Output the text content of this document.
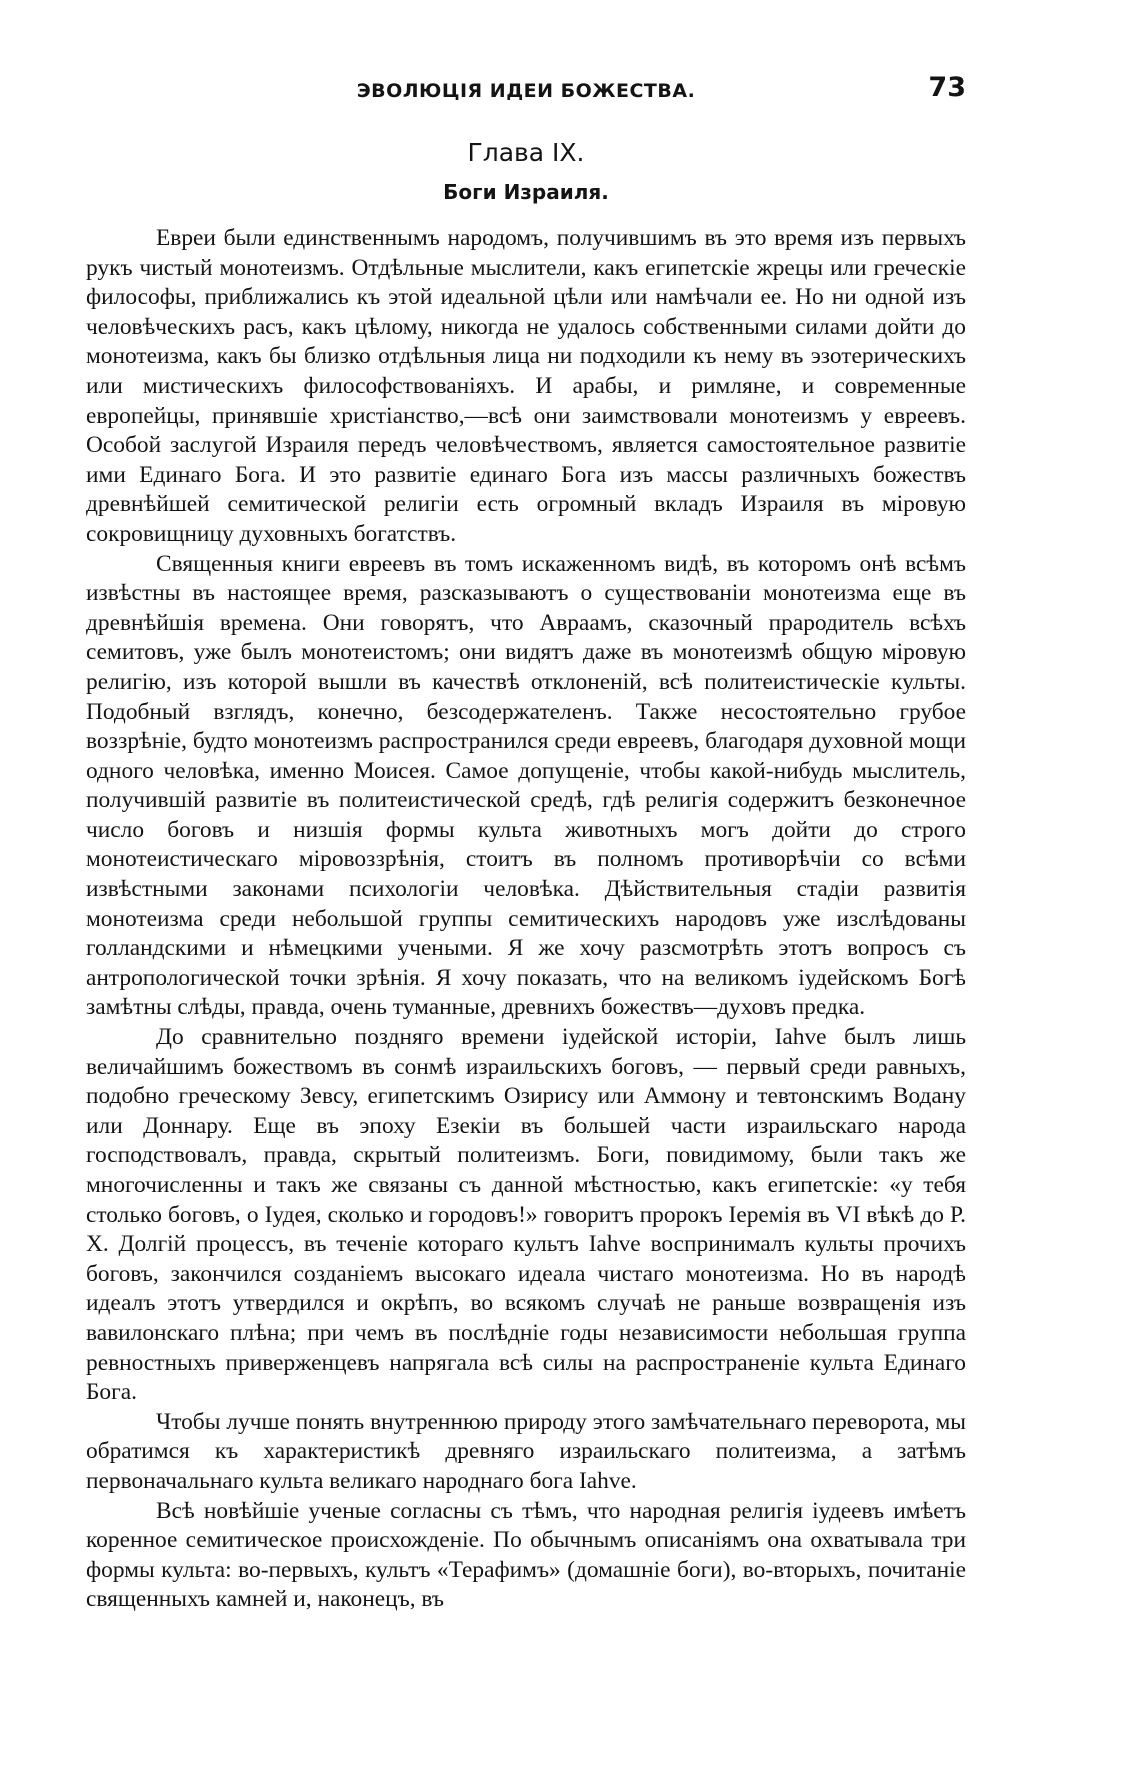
ЭВОЛЮЦІЯ ИДЕИ БОЖЕСТВА.	73
Глава IX.
Боги Израиля.

Евреи были единственнымъ народомъ, получившимъ въ это время изъ первыхъ рукъ чистый монотеизмъ. Отдѣльные мыслители, какъ египетскіе жрецы или греческіе философы, приближались къ этой идеальной цѣли или намѣчали ее. Но ни одной изъ человѣческихъ расъ, какъ цѣлому, никогда не удалось собственными силами дойти до монотеизма, какъ бы близко отдѣльныя лица ни подходили къ нему въ эзотерическихъ или мистическихъ философствованіяхъ. И арабы, и римляне, и современные европейцы, принявшіе христіанство,—всѣ они заимствовали монотеизмъ у евреевъ. Особой заслугой Израиля передъ человѣчествомъ, является самостоятельное развитіе ими Единаго Бога. И это развитіе единаго Бога изъ массы различныхъ божествъ древнѣйшей семитической религіи есть огромный вкладъ Израиля въ міровую сокровищницу духовныхъ богатствъ.

Священныя книги евреевъ въ томъ искаженномъ видѣ, въ которомъ онѣ всѣмъ извѣстны въ настоящее время, разсказываютъ о существованіи монотеизма еще въ древнѣйшія времена. Они говорятъ, что Авраамъ, сказочный прародитель всѣхъ семитовъ, уже былъ монотеистомъ; они видятъ даже въ монотеизмѣ общую міровую религію, изъ которой вышли въ качествѣ отклоненій, всѣ политеистическіе культы. Подобный взглядъ, конечно, безсодержателенъ. Также несостоятельно грубое воззрѣніе, будто монотеизмъ распространился среди евреевъ, благодаря духовной мощи одного человѣка, именно Моисея. Самое допущеніе, чтобы какой-нибудь мыслитель, получившій развитіе въ политеистической средѣ, гдѣ религія содержитъ безконечное число боговъ и низшія формы культа животныхъ могъ дойти до строго монотеистическаго міровоззрѣнія, стоитъ въ полномъ противорѣчіи со всѣми извѣстными законами психологіи человѣка. Дѣйствительныя стадіи развитія монотеизма среди небольшой группы семитическихъ народовъ уже изслѣдованы голландскими и нѣмецкими учеными. Я же хочу разсмотрѣть этотъ вопросъ съ антропологической точки зрѣнія. Я хочу показать, что на великомъ іудейскомъ Богѣ замѣтны слѣды, правда, очень туманные, древнихъ божествъ—духовъ предка.

До сравнительно поздняго времени іудейской исторіи, Iahve былъ лишь величайшимъ божествомъ въ сонмѣ израильскихъ боговъ, — первый среди равныхъ, подобно греческому Зевсу, египетскимъ Озирису или Аммону и тевтонскимъ Водану или Доннару. Еще въ эпоху Езекіи въ большей части израильскаго народа господствовалъ, правда, скрытый политеизмъ. Боги, повидимому, были такъ же многочисленны и такъ же связаны съ данной мѣстностью, какъ египетскіе: «у тебя столько боговъ, о Іудея, сколько и городовъ!» говоритъ пророкъ Іеремія въ VI вѣкѣ до Р. Х. Долгій процессъ, въ теченіе котораго культъ Iahve воспринималъ культы прочихъ боговъ, закончился созданіемъ высокаго идеала чистаго монотеизма. Но въ народѣ идеалъ этотъ утвердился и окрѣпъ, во всякомъ случаѣ не раньше возвращенія изъ вавилонскаго плѣна; при чемъ въ послѣдніе годы независимости небольшая группа ревностныхъ приверженцевъ напрягала всѣ силы на распространеніе культа Единаго Бога.

Чтобы лучше понять внутреннюю природу этого замѣчательнаго переворота, мы обратимся къ характеристикѣ древняго израильскаго политеизма, а затѣмъ первоначальнаго культа великаго народнаго бога Iahve.

Всѣ новѣйшіе ученые согласны съ тѣмъ, что народная религія іудеевъ имѣетъ коренное семитическое происхожденіе. По обычнымъ описаніямъ она охватывала три формы культа: во-первыхъ, культъ «Терафимъ» (домашніе боги), во-вторыхъ, почитаніе священныхъ камней и, наконецъ, въ
